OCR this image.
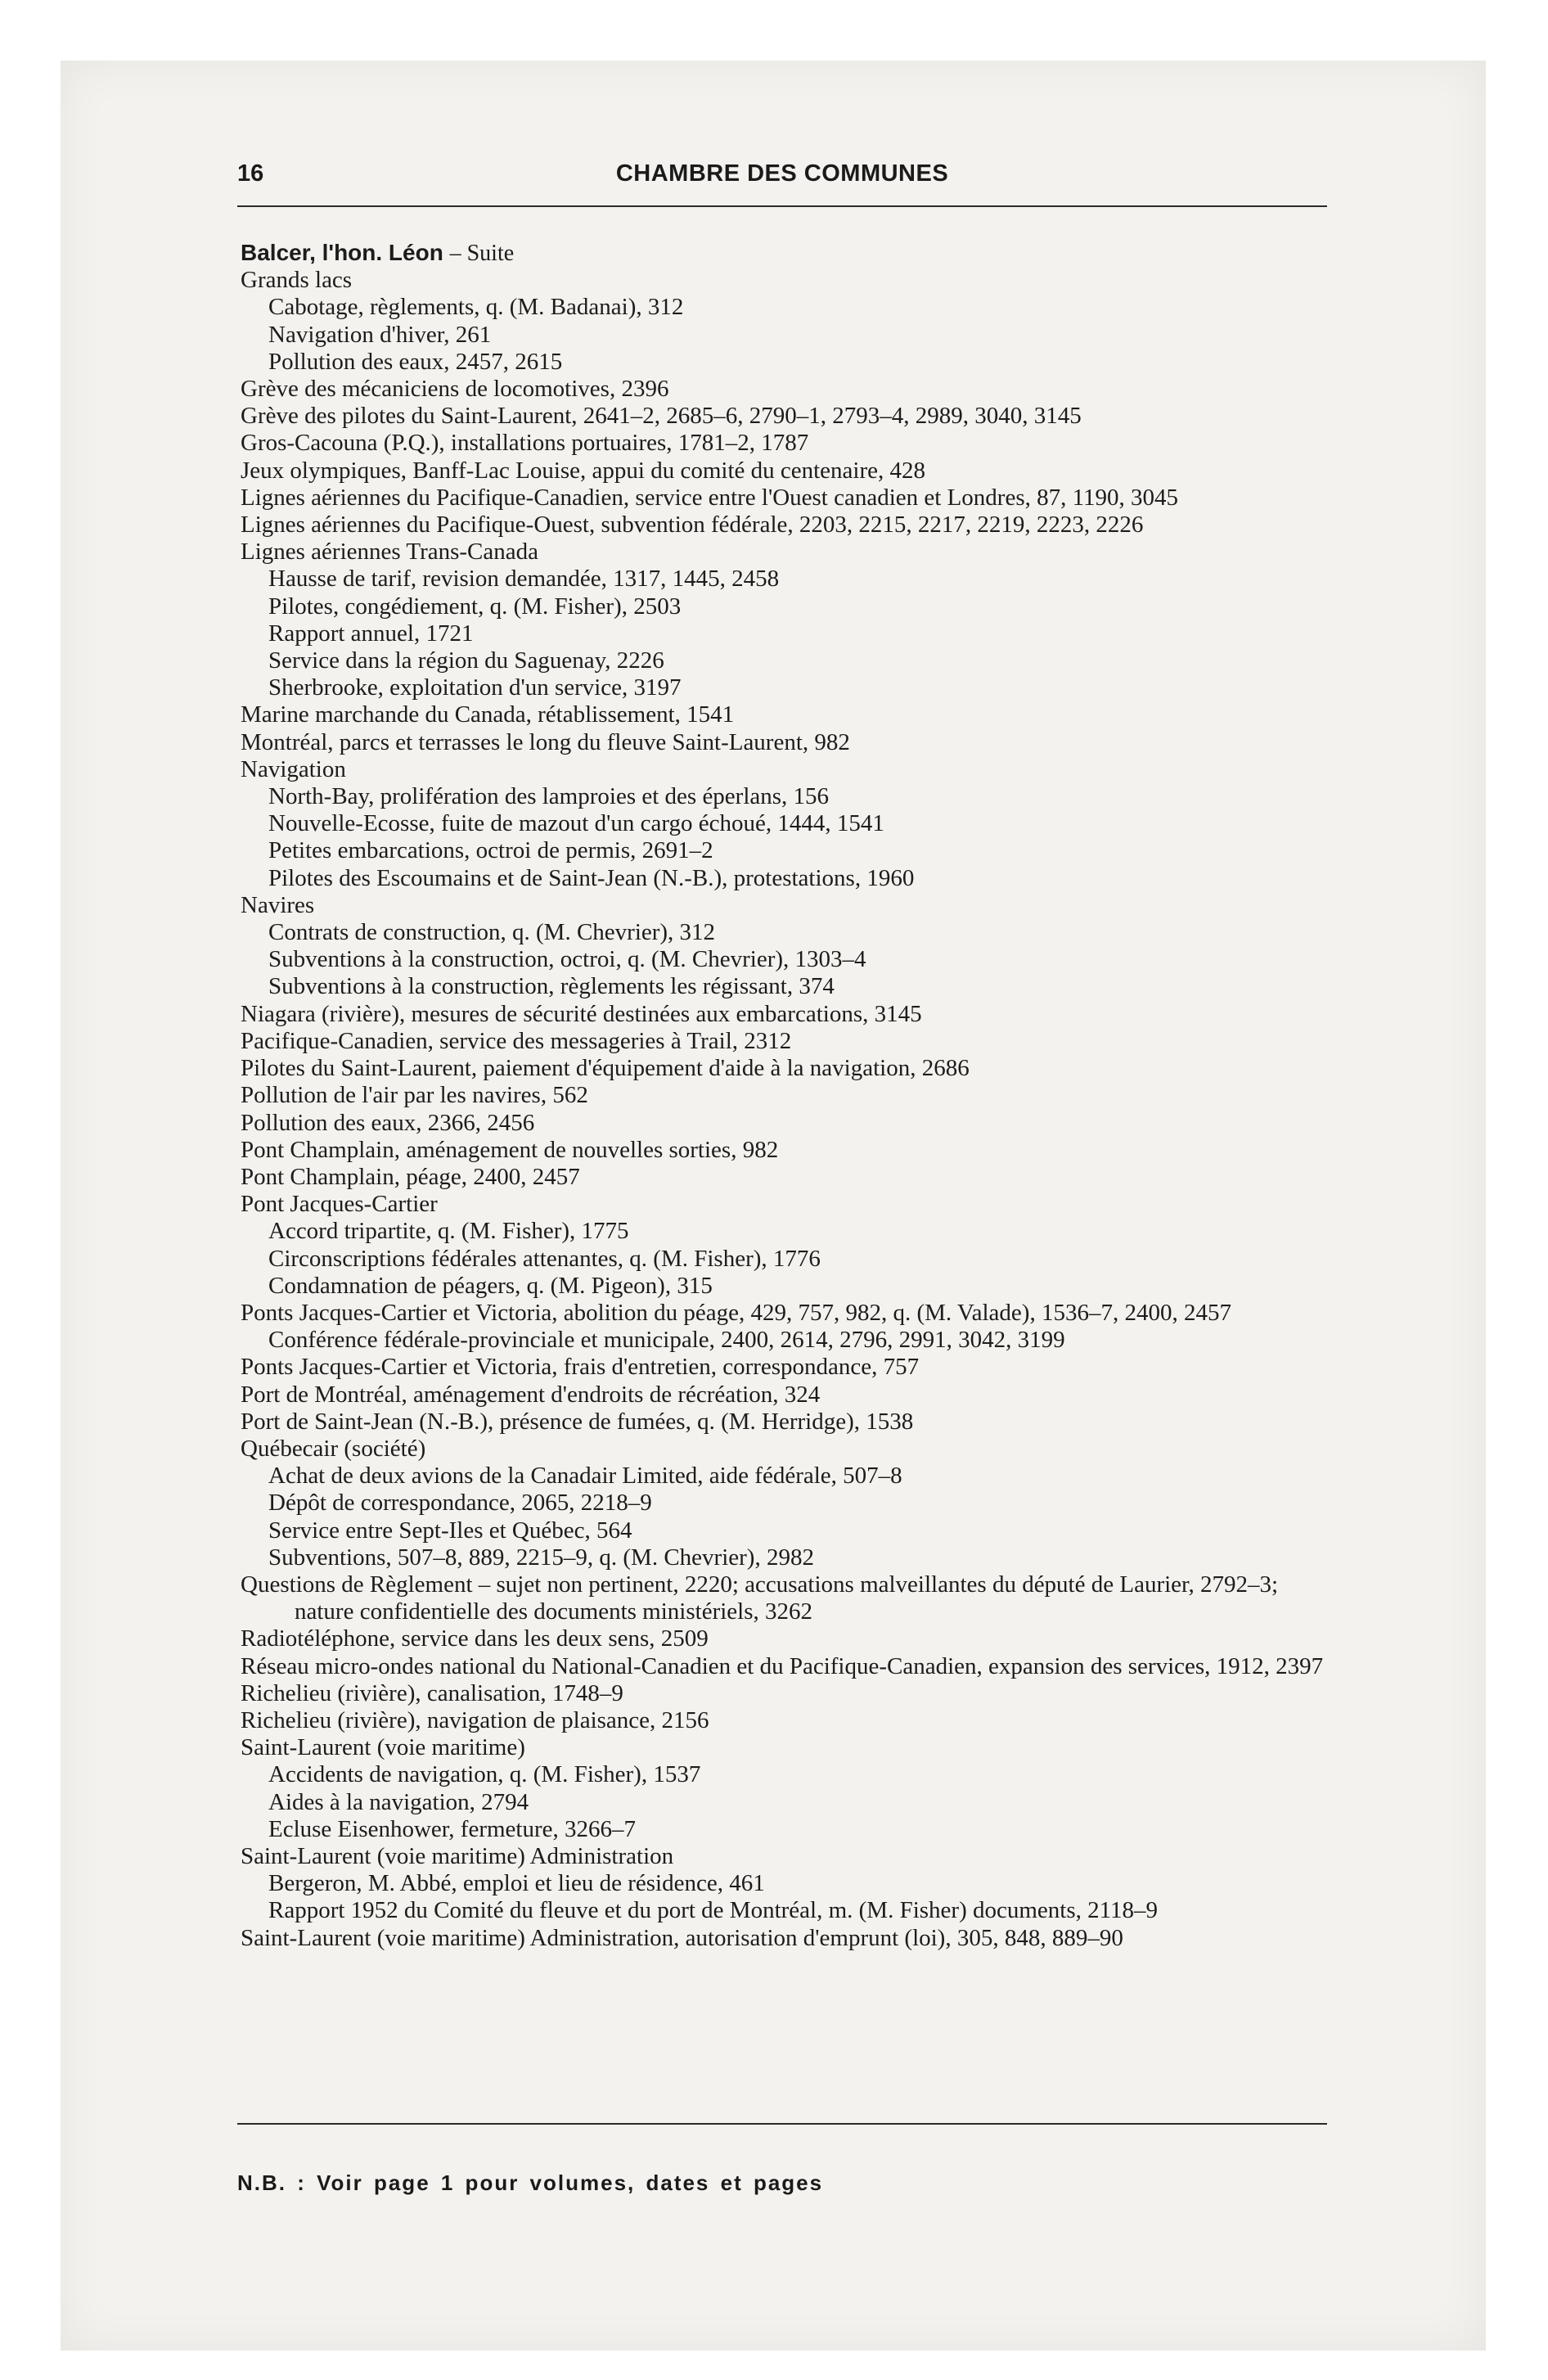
16	CHAMBRE DES COMMUNES
Balcer, l'hon. Léon – Suite
Grands lacs
Cabotage, règlements, q. (M. Badanai), 312
Navigation d'hiver, 261
Pollution des eaux, 2457, 2615
Grève des mécaniciens de locomotives, 2396
Grève des pilotes du Saint-Laurent, 2641–2, 2685–6, 2790–1, 2793–4, 2989, 3040, 3145
Gros-Cacouna (P.Q.), installations portuaires, 1781–2, 1787
Jeux olympiques, Banff-Lac Louise, appui du comité du centenaire, 428
Lignes aériennes du Pacifique-Canadien, service entre l'Ouest canadien et Londres, 87, 1190, 3045
Lignes aériennes du Pacifique-Ouest, subvention fédérale, 2203, 2215, 2217, 2219, 2223, 2226
Lignes aériennes Trans-Canada
Hausse de tarif, revision demandée, 1317, 1445, 2458
Pilotes, congédiement, q. (M. Fisher), 2503
Rapport annuel, 1721
Service dans la région du Saguenay, 2226
Sherbrooke, exploitation d'un service, 3197
Marine marchande du Canada, rétablissement, 1541
Montréal, parcs et terrasses le long du fleuve Saint-Laurent, 982
Navigation
North-Bay, prolifération des lamproies et des éperlans, 156
Nouvelle-Ecosse, fuite de mazout d'un cargo échoué, 1444, 1541
Petites embarcations, octroi de permis, 2691–2
Pilotes des Escoumains et de Saint-Jean (N.-B.), protestations, 1960
Navires
Contrats de construction, q. (M. Chevrier), 312
Subventions à la construction, octroi, q. (M. Chevrier), 1303–4
Subventions à la construction, règlements les régissant, 374
Niagara (rivière), mesures de sécurité destinées aux embarcations, 3145
Pacifique-Canadien, service des messageries à Trail, 2312
Pilotes du Saint-Laurent, paiement d'équipement d'aide à la navigation, 2686
Pollution de l'air par les navires, 562
Pollution des eaux, 2366, 2456
Pont Champlain, aménagement de nouvelles sorties, 982
Pont Champlain, péage, 2400, 2457
Pont Jacques-Cartier
Accord tripartite, q. (M. Fisher), 1775
Circonscriptions fédérales attenantes, q. (M. Fisher), 1776
Condamnation de péagers, q. (M. Pigeon), 315
Ponts Jacques-Cartier et Victoria, abolition du péage, 429, 757, 982, q. (M. Valade), 1536–7, 2400, 2457
Conférence fédérale-provinciale et municipale, 2400, 2614, 2796, 2991, 3042, 3199
Ponts Jacques-Cartier et Victoria, frais d'entretien, correspondance, 757
Port de Montréal, aménagement d'endroits de récréation, 324
Port de Saint-Jean (N.-B.), présence de fumées, q. (M. Herridge), 1538
Québecair (société)
Achat de deux avions de la Canadair Limited, aide fédérale, 507–8
Dépôt de correspondance, 2065, 2218–9
Service entre Sept-Iles et Québec, 564
Subventions, 507–8, 889, 2215–9, q. (M. Chevrier), 2982
Questions de Règlement – sujet non pertinent, 2220; accusations malveillantes du député de Laurier, 2792–3; nature confidentielle des documents ministériels, 3262
Radiotéléphone, service dans les deux sens, 2509
Réseau micro-ondes national du National-Canadien et du Pacifique-Canadien, expansion des services, 1912, 2397
Richelieu (rivière), canalisation, 1748–9
Richelieu (rivière), navigation de plaisance, 2156
Saint-Laurent (voie maritime)
Accidents de navigation, q. (M. Fisher), 1537
Aides à la navigation, 2794
Ecluse Eisenhower, fermeture, 3266–7
Saint-Laurent (voie maritime) Administration
Bergeron, M. Abbé, emploi et lieu de résidence, 461
Rapport 1952 du Comité du fleuve et du port de Montréal, m. (M. Fisher) documents, 2118–9
Saint-Laurent (voie maritime) Administration, autorisation d'emprunt (loi), 305, 848, 889–90
N.B. : Voir page 1 pour volumes, dates et pages
